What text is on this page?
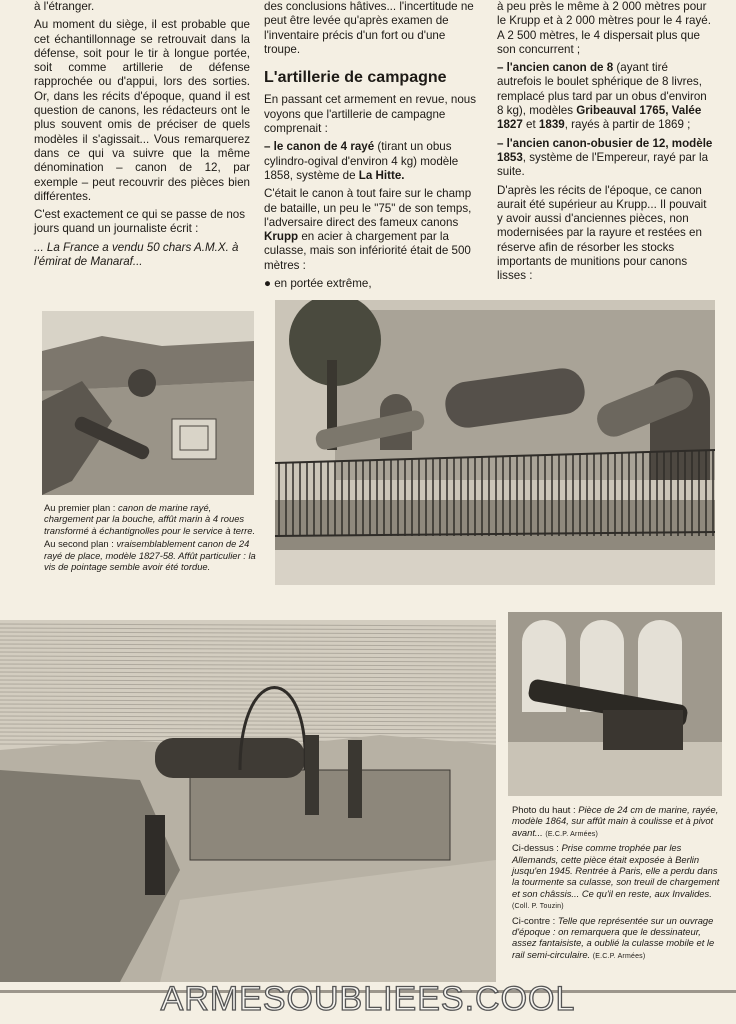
à l'étranger.

Au moment du siège, il est probable que cet échantillonnage se retrouvait dans la défense, soit pour le tir à longue portée, soit comme artillerie de défense rapprochée ou d'appui, lors des sorties. Or, dans les récits d'époque, quand il est question de canons, les rédacteurs ont le plus souvent omis de préciser de quels modèles il s'agissait... Vous remarquerez dans ce qui va suivre que la même dénomination – canon de 12, par exemple – peut recouvrir des pièces bien différentes.

C'est exactement ce qui se passe de nos jours quand un journaliste écrit :

... La France a vendu 50 chars A.M.X. à l'émirat de Manaraf...

des conclusions hâtives... l'incertitude ne peut être levée qu'après examen de l'inventaire précis d'un fort ou d'une troupe.

L'artillerie de campagne

En passant cet armement en revue, nous voyons que l'artillerie de campagne comprenait :

– le canon de 4 rayé (tirant un obus cylindro-ogival d'environ 4 kg) modèle 1858, système de La Hitte.

C'était le canon à tout faire sur le champ de bataille, un peu le "75" de son temps, l'adversaire direct des fameux canons Krupp en acier à chargement par la culasse, mais son infériorité était de 500 mètres :

● en portée extrême,

à peu près le même à 2 000 mètres pour le Krupp et à 2 000 mètres pour le 4 rayé. A 2 500 mètres, le 4 dispersait plus que son concurrent ;

– l'ancien canon de 8 (ayant tiré autrefois le boulet sphérique de 8 livres, remplacé plus tard par un obus d'environ 8 kg), modèles Gribeauval 1765, Valée 1827 et 1839, rayés à partir de 1869 ;

– l'ancien canon-obusier de 12, modèle 1853, système de l'Empereur, rayé par la suite.

D'après les récits de l'époque, ce canon aurait été supérieur au Krupp... Il pouvait y avoir aussi d'anciennes pièces, non modernisées par la rayure et restées en réserve afin de résorber les stocks importants de munitions pour canons lisses :

Au premier plan : canon de marine rayé, chargement par la bouche, affût marin à 4 roues transformé à échantignolles pour le service à terre.

Au second plan : vraisemblablement canon de 24 rayé de place, modèle 1827-58. Affût particulier : la vis de pointage semble avoir été tordue.

Photo du haut : Pièce de 24 cm de marine, rayée, modèle 1864, sur affût main à coulisse et à pivot avant... (E.C.P. Armées)

Ci-dessus : Prise comme trophée par les Allemands, cette pièce était exposée à Berlin jusqu'en 1945. Rentrée à Paris, elle a perdu dans la tourmente sa culasse, son treuil de chargement et son châssis... Ce qu'il en reste, aux Invalides. (Coll. P. Touzin)

Ci-contre : Telle que représentée sur un ouvrage d'époque : on remarquera que le dessinateur, assez fantaisiste, a oublié la culasse mobile et le rail semi-circulaire. (E.C.P. Armées)

ARMESOUBLIEES.COOL
